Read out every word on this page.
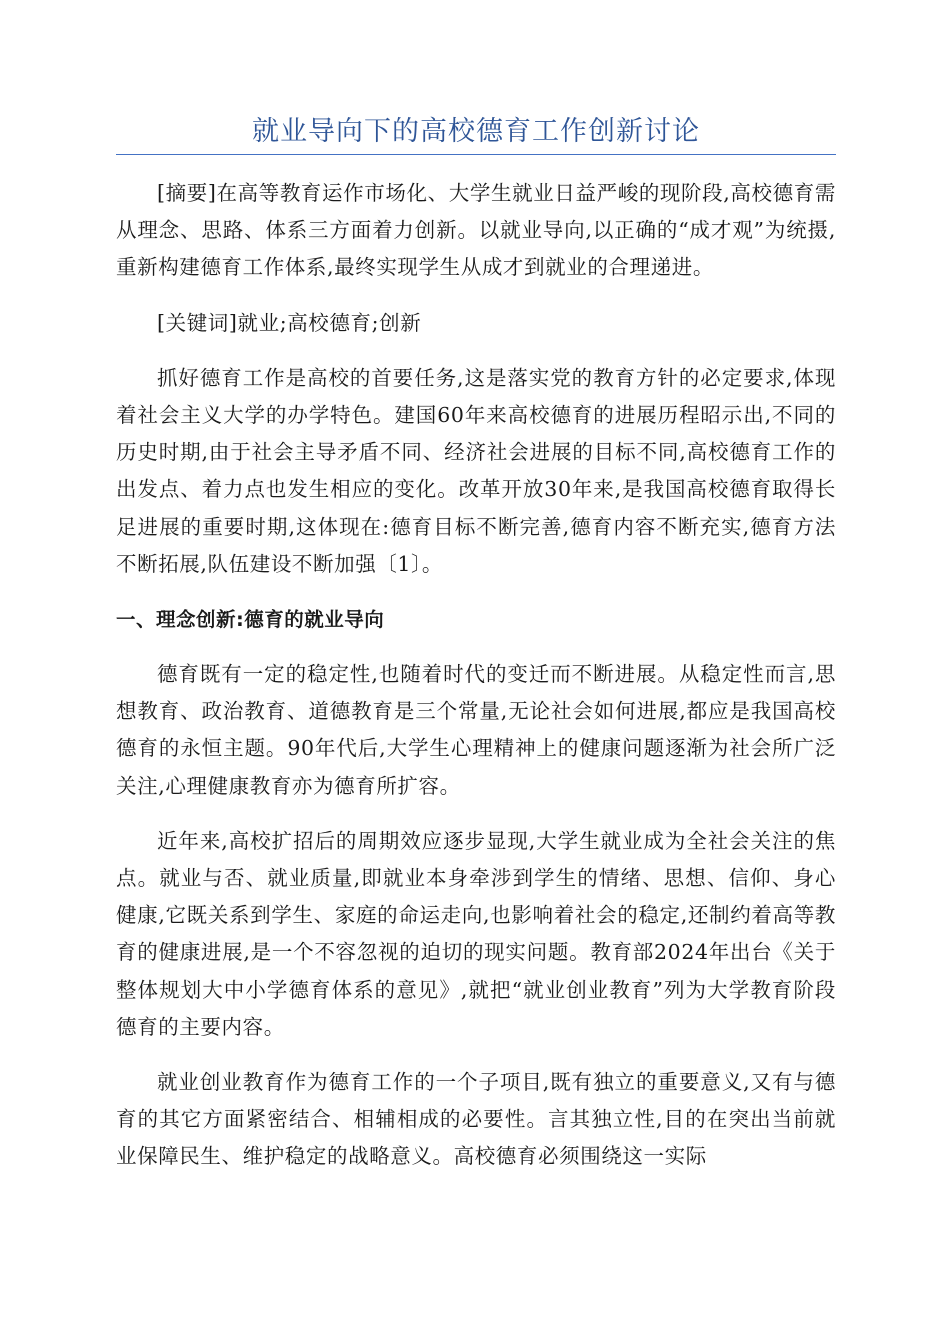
就业导向下的高校德育工作创新讨论

[摘要]在高等教育运作市场化、大学生就业日益严峻的现阶段,高校德育需从理念、思路、体系三方面着力创新。以就业导向,以正确的“成才观”为统摄,重新构建德育工作体系,最终实现学生从成才到就业的合理递进。

[关键词]就业;高校德育;创新

抓好德育工作是高校的首要任务,这是落实党的教育方针的必定要求,体现着社会主义大学的办学特色。建国60年来高校德育的进展历程昭示出,不同的历史时期,由于社会主导矛盾不同、经济社会进展的目标不同,高校德育工作的出发点、着力点也发生相应的变化。改革开放30年来,是我国高校德育取得长足进展的重要时期,这体现在:德育目标不断完善,德育内容不断充实,德育方法不断拓展,队伍建设不断加强〔1〕。

一、理念创新:德育的就业导向

德育既有一定的稳定性,也随着时代的变迁而不断进展。从稳定性而言,思想教育、政治教育、道德教育是三个常量,无论社会如何进展,都应是我国高校德育的永恒主题。90年代后,大学生心理精神上的健康问题逐渐为社会所广泛关注,心理健康教育亦为德育所扩容。

近年来,高校扩招后的周期效应逐步显现,大学生就业成为全社会关注的焦点。就业与否、就业质量,即就业本身牵涉到学生的情绪、思想、信仰、身心健康,它既关系到学生、家庭的命运走向,也影响着社会的稳定,还制约着高等教育的健康进展,是一个不容忽视的迫切的现实问题。教育部2024年出台《关于整体规划大中小学德育体系的意见》,就把“就业创业教育”列为大学教育阶段德育的主要内容。

就业创业教育作为德育工作的一个子项目,既有独立的重要意义,又有与德育的其它方面紧密结合、相辅相成的必要性。言其独立性,目的在突出当前就业保障民生、维护稳定的战略意义。高校德育必须围绕这一实际
